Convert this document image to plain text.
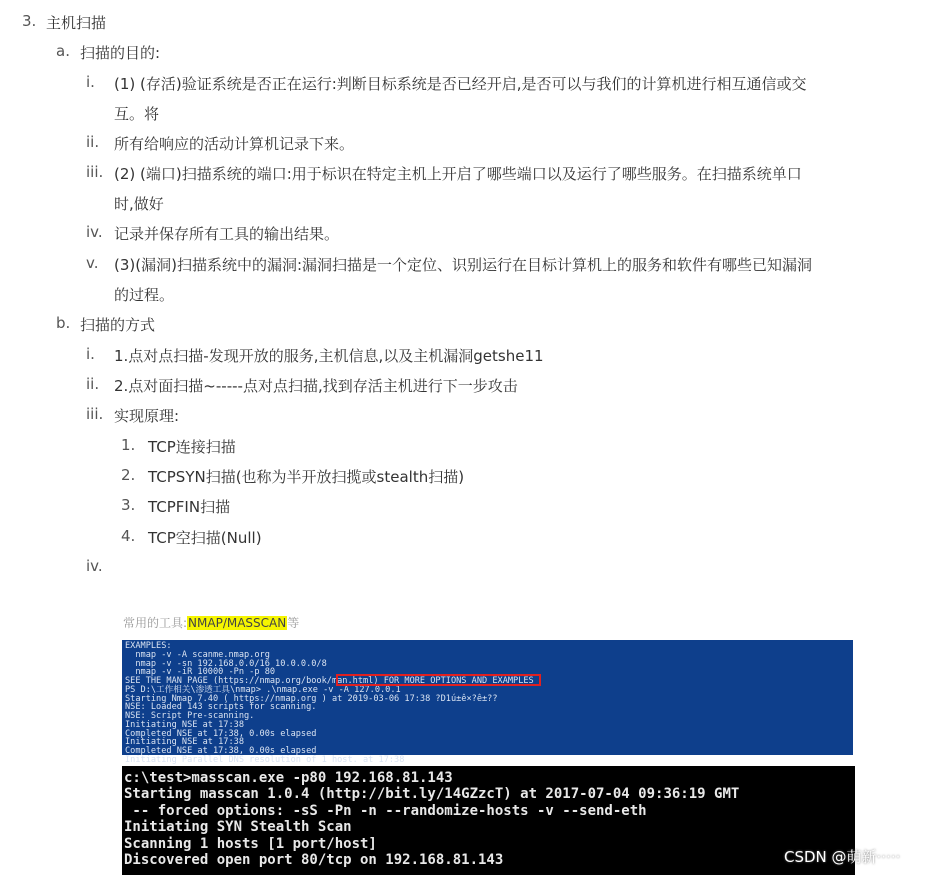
3. 主机扫描
a. 扫描的目的:
i. (1) (存活)验证系统是否正在运行:判断目标系统是否已经开启,是否可以与我们的计算机进行相互通信或交
互。将
ii. 所有给响应的活动计算机记录下来。
iii. (2) (端口)扫描系统的端口:用于标识在特定主机上开启了哪些端口以及运行了哪些服务。在扫描系统单口
时,做好
iv. 记录并保存所有工具的输出结果。
v. (3)(漏洞)扫描系统中的漏洞:漏洞扫描是一个定位、识别运行在目标计算机上的服务和软件有哪些已知漏洞
的过程。
b. 扫描的方式
i. 1.点对点扫描-发现开放的服务,主机信息,以及主机漏洞getshe11
ii. 2.点对面扫描~-----点对点扫描,找到存活主机进行下一步攻击
iii. 实现原理:
1. TCP连接扫描
2. TCPSYN扫描(也称为半开放扫揽或stealth扫描)
3. TCPFIN扫描
4. TCP空扫描(Null)
iv.
常用的工具:NMAP/MASSCAN等
EXAMPLES:
nmap -v -A scanme.nmap.org
nmap -v -sn 192.168.0.0/16 10.0.0.0/8
nmap -v -iR 10000 -Pn -p 80
SEE THE MAN PAGE (https://nmap.org/book/man.html) FOR MORE OPTIONS AND EXAMPLES
PS D:\工作相关\渗透工具\nmap> .\nmap.exe -v -A 127.0.0.1
Starting Nmap 7.40 ( https://nmap.org ) at 2019-03-06 17:38 ?D1ú±ê×?ê±??
NSE: Loaded 143 scripts for scanning.
NSE: Script Pre-scanning.
Initiating NSE at 17:38
Completed NSE at 17:38, 0.00s elapsed
Initiating NSE at 17:38
Completed NSE at 17:38, 0.00s elapsed
Initiating Parallel DNS resolution of 1 host. at 17:38
c:\test>masscan.exe -p80 192.168.81.143
Starting masscan 1.0.4 (http://bit.ly/14GZzcT) at 2017-07-04 09:36:19 GMT
-- forced options: -sS -Pn -n --randomize-hosts -v --send-eth
Initiating SYN Stealth Scan
Scanning 1 hosts [1 port/host]
Discovered open port 80/tcp on 192.168.81.143	CSDN @萌新·····
